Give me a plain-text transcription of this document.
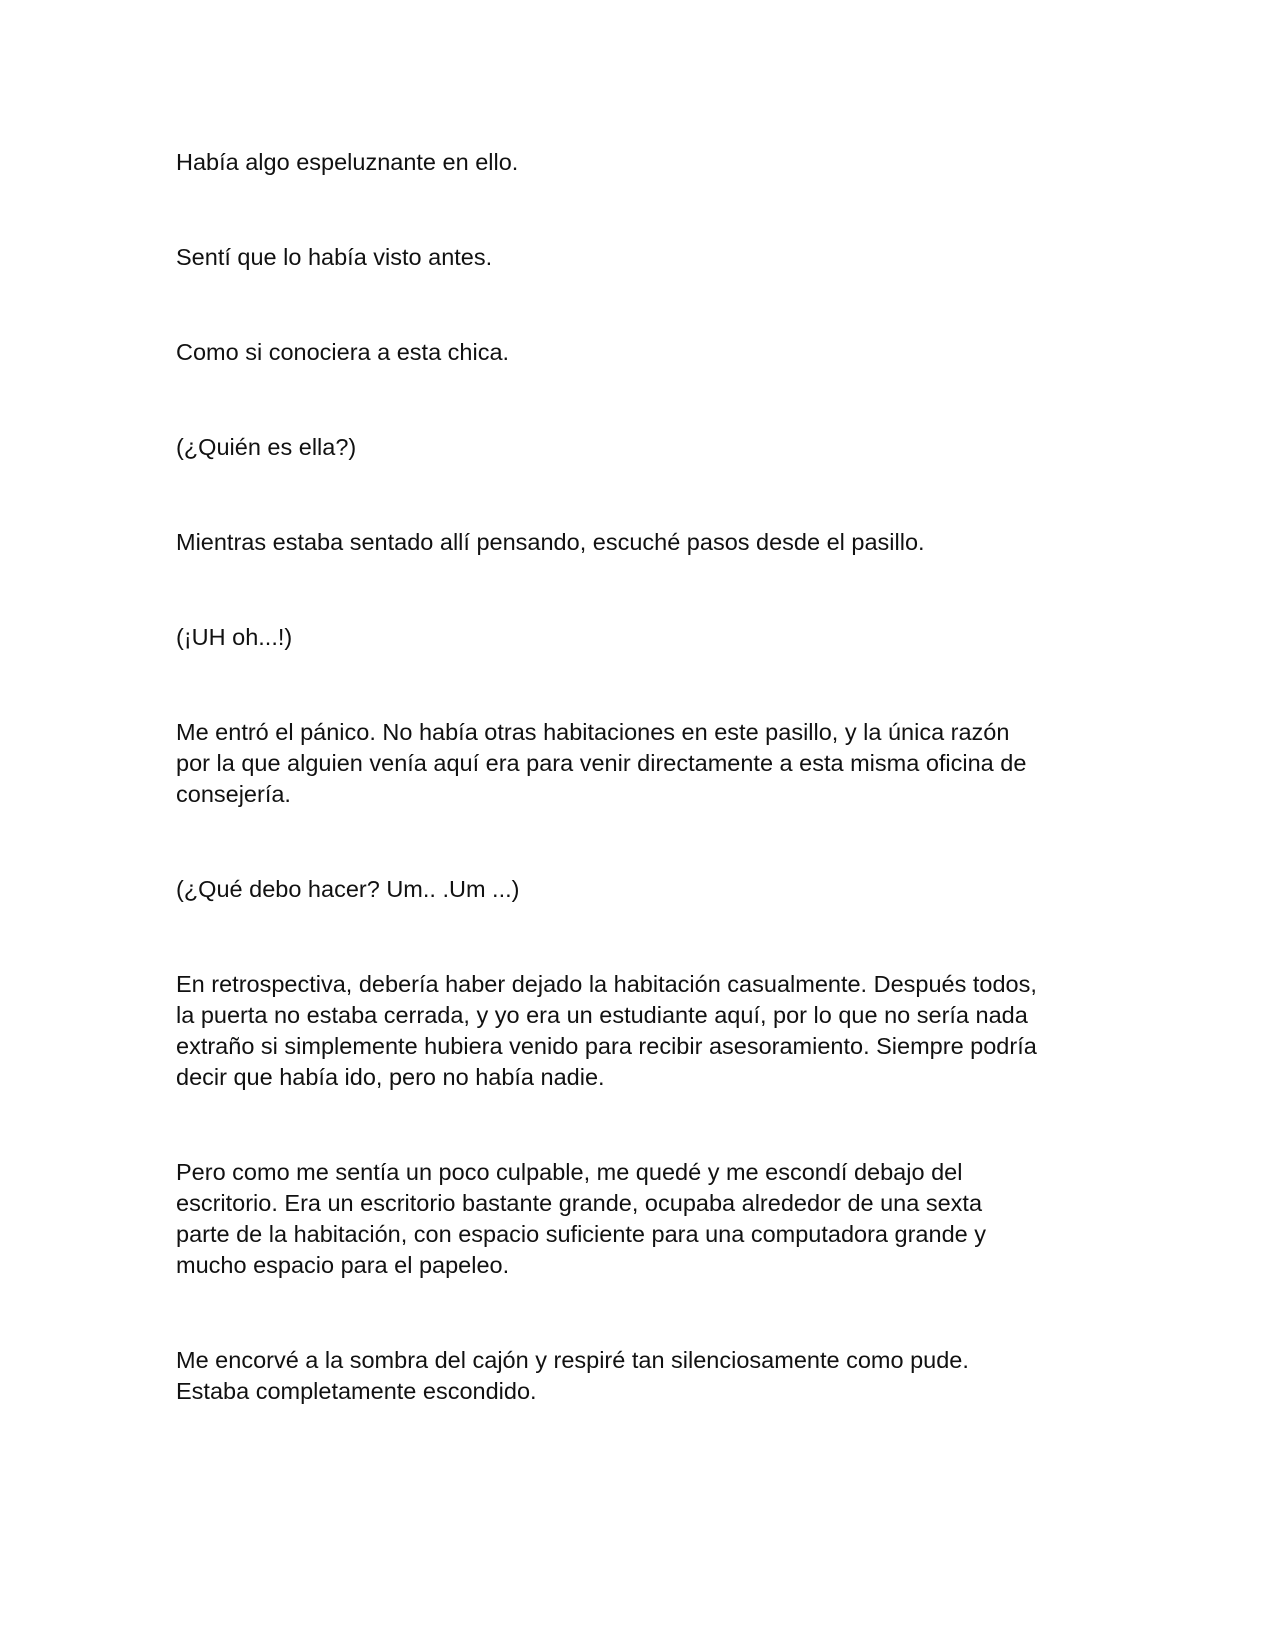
Había algo espeluznante en ello.

Sentí que lo había visto antes.

Como si conociera a esta chica.

(¿Quién es ella?)

Mientras estaba sentado allí pensando, escuché pasos desde el pasillo.

(¡UH oh...!)

Me entró el pánico. No había otras habitaciones en este pasillo, y la única razón
por la que alguien venía aquí era para venir directamente a esta misma oficina de
consejería.

(¿Qué debo hacer? Um.. .Um ...)

En retrospectiva, debería haber dejado la habitación casualmente. Después todos,
la puerta no estaba cerrada, y yo era un estudiante aquí, por lo que no sería nada
extraño si simplemente hubiera venido para recibir asesoramiento. Siempre podría
decir que había ido, pero no había nadie.

Pero como me sentía un poco culpable, me quedé y me escondí debajo del
escritorio. Era un escritorio bastante grande, ocupaba alrededor de una sexta
parte de la habitación, con espacio suficiente para una computadora grande y
mucho espacio para el papeleo.

Me encorvé a la sombra del cajón y respiré tan silenciosamente como pude.
Estaba completamente escondido.
